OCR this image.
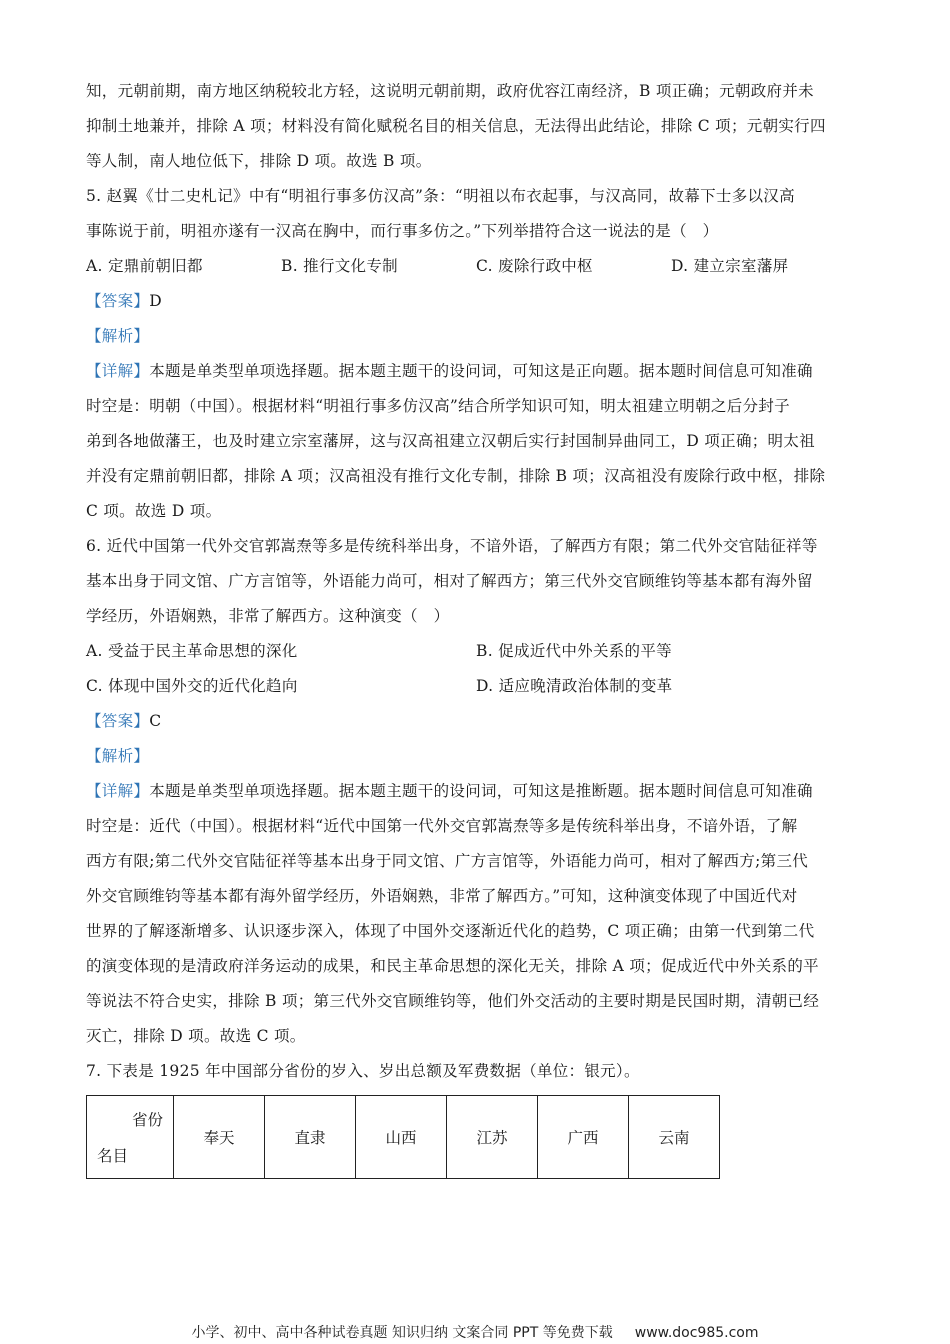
知，元朝前期，南方地区纳税较北方轻，这说明元朝前期，政府优容江南经济，B 项正确；元朝政府并未
抑制土地兼并，排除 A 项；材料没有简化赋税名目的相关信息，无法得出此结论，排除 C 项；元朝实行四
等人制，南人地位低下，排除 D 项。故选 B 项。
5. 赵翼《廿二史札记》中有“明祖行事多仿汉高”条：“明祖以布衣起事，与汉高同，故幕下士多以汉高
事陈说于前，明祖亦遂有一汉高在胸中，而行事多仿之。”下列举措符合这一说法的是（　）
A. 定鼎前朝旧都	B. 推行文化专制	C. 废除行政中枢	D. 建立宗室藩屏
【答案】D
【解析】
【详解】本题是单类型单项选择题。据本题主题干的设问词，可知这是正向题。据本题时间信息可知准确
时空是：明朝（中国）。根据材料“明祖行事多仿汉高”结合所学知识可知，明太祖建立明朝之后分封子
弟到各地做藩王，也及时建立宗室藩屏，这与汉高祖建立汉朝后实行封国制异曲同工，D 项正确；明太祖
并没有定鼎前朝旧都，排除 A 项；汉高祖没有推行文化专制，排除 B 项；汉高祖没有废除行政中枢，排除
C 项。故选 D 项。
6. 近代中国第一代外交官郭嵩焘等多是传统科举出身，不谙外语，了解西方有限；第二代外交官陆征祥等
基本出身于同文馆、广方言馆等，外语能力尚可，相对了解西方；第三代外交官顾维钧等基本都有海外留
学经历，外语娴熟，非常了解西方。这种演变（　）
A. 受益于民主革命思想的深化	B. 促成近代中外关系的平等
C. 体现中国外交的近代化趋向	D. 适应晚清政治体制的变革
【答案】C
【解析】
【详解】本题是单类型单项选择题。据本题主题干的设问词，可知这是推断题。据本题时间信息可知准确
时空是：近代（中国）。根据材料“近代中国第一代外交官郭嵩焘等多是传统科举出身，不谙外语，了解
西方有限;第二代外交官陆征祥等基本出身于同文馆、广方言馆等，外语能力尚可，相对了解西方;第三代
外交官顾维钧等基本都有海外留学经历，外语娴熟，非常了解西方。”可知，这种演变体现了中国近代对
世界的了解逐渐增多、认识逐步深入，体现了中国外交逐渐近代化的趋势，C 项正确；由第一代到第二代
的演变体现的是清政府洋务运动的成果，和民主革命思想的深化无关，排除 A 项；促成近代中外关系的平
等说法不符合史实，排除 B 项；第三代外交官顾维钧等，他们外交活动的主要时期是民国时期，清朝已经
灭亡，排除 D 项。故选 C 项。
7. 下表是 1925 年中国部分省份的岁入、岁出总额及军费数据（单位：银元）。
省份
名目
	奉天	直隶	山西	江苏	广西	云南
小学、初中、高中各种试卷真题 知识归纳 文案合同 PPT 等免费下载 www.doc985.com
